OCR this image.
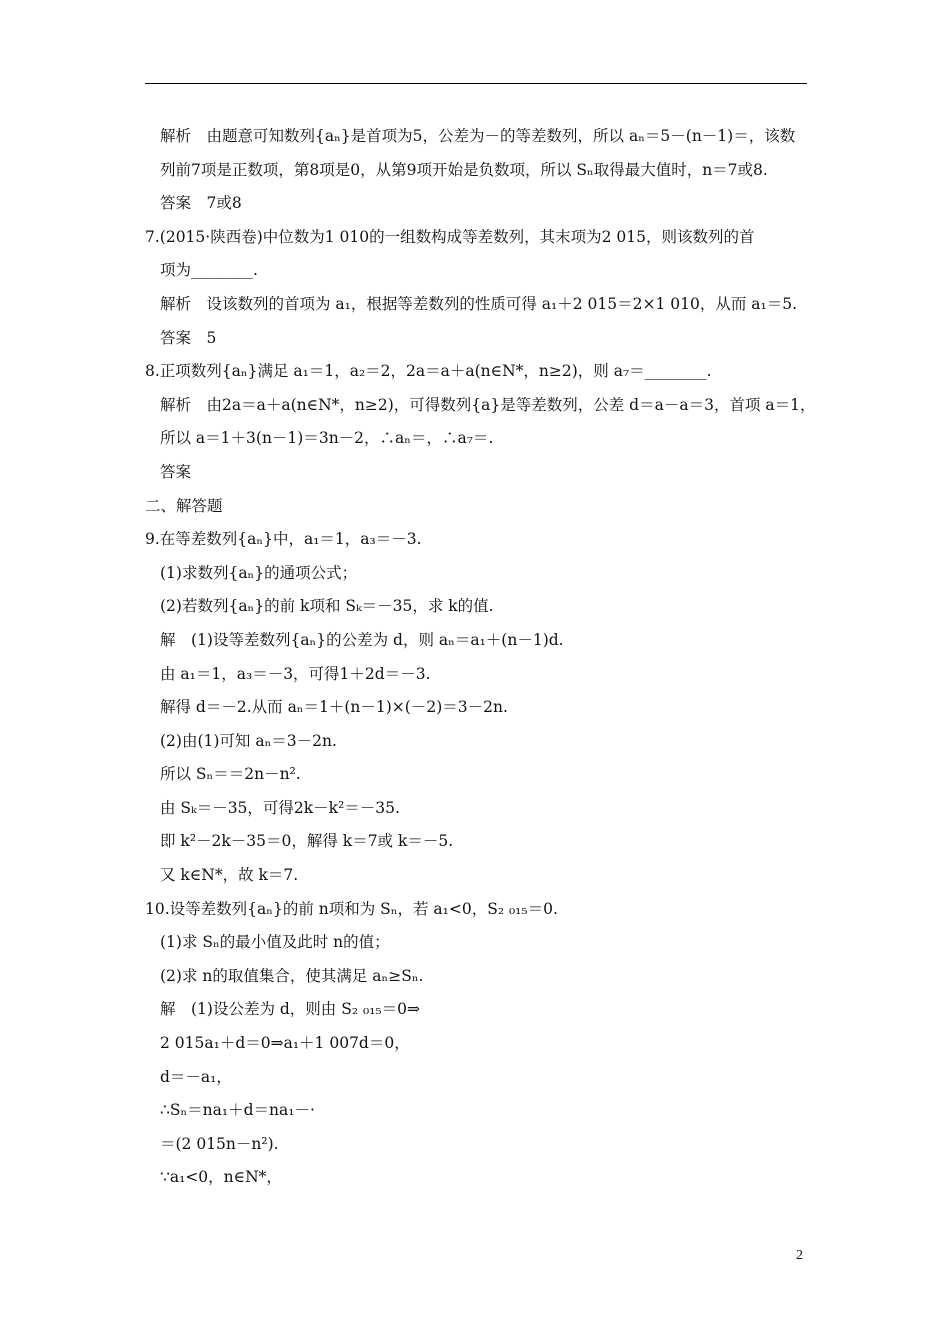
解析　由题意可知数列{aₙ}是首项为5，公差为－的等差数列，所以 aₙ＝5－(n－1)＝，该数
列前7项是正数项，第8项是0，从第9项开始是负数项，所以 Sₙ取得最大值时，n＝7或8.
答案　7或8
7.(2015·陕西卷)中位数为1 010的一组数构成等差数列，其末项为2 015，则该数列的首
项为________.
解析　设该数列的首项为 a₁，根据等差数列的性质可得 a₁＋2 015＝2×1 010，从而 a₁＝5.
答案　5
8.正项数列{aₙ}满足 a₁＝1，a₂＝2，2a＝a＋a(n∈N*，n≥2)，则 a₇＝________.
解析　由2a＝a＋a(n∈N*，n≥2)，可得数列{a}是等差数列，公差 d＝a－a＝3，首项 a＝1，
所以 a＝1＋3(n－1)＝3n－2，∴aₙ＝，∴a₇＝.
答案
二、解答题
9.在等差数列{aₙ}中，a₁＝1，a₃＝－3.
(1)求数列{aₙ}的通项公式；
(2)若数列{aₙ}的前 k项和 Sₖ＝－35，求 k的值.
解　(1)设等差数列{aₙ}的公差为 d，则 aₙ＝a₁＋(n－1)d.
由 a₁＝1，a₃＝－3，可得1＋2d＝－3.
解得 d＝－2.从而 aₙ＝1＋(n－1)×(－2)＝3－2n.
(2)由(1)可知 aₙ＝3－2n.
所以 Sₙ＝＝2n－n².
由 Sₖ＝－35，可得2k－k²＝－35.
即 k²－2k－35＝0，解得 k＝7或 k＝－5.
又 k∈N*，故 k＝7.
10.设等差数列{aₙ}的前 n项和为 Sₙ，若 a₁<0，S₂ ₀₁₅＝0.
(1)求 Sₙ的最小值及此时 n的值；
(2)求 n的取值集合，使其满足 aₙ≥Sₙ.
解　(1)设公差为 d，则由 S₂ ₀₁₅＝0⇒
2 015a₁＋d＝0⇒a₁＋1 007d＝0，
d＝－a₁，
∴Sₙ＝na₁＋d＝na₁－·
＝(2 015n－n²).
∵a₁<0，n∈N*，
2
